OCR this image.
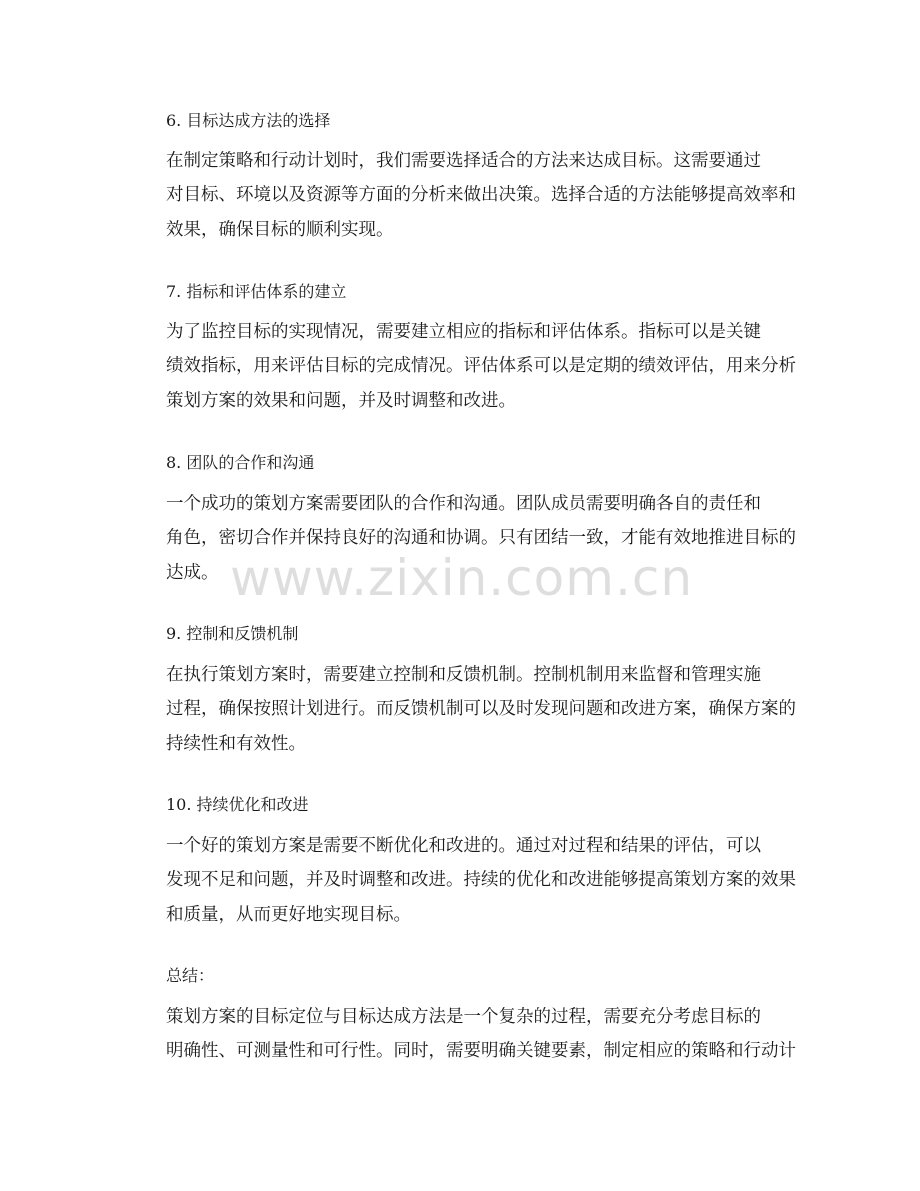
6. 目标达成方法的选择
在制定策略和行动计划时，我们需要选择适合的方法来达成目标。这需要通过
对目标、环境以及资源等方面的分析来做出决策。选择合适的方法能够提高效率和
效果，确保目标的顺利实现。
7. 指标和评估体系的建立
为了监控目标的实现情况，需要建立相应的指标和评估体系。指标可以是关键
绩效指标，用来评估目标的完成情况。评估体系可以是定期的绩效评估，用来分析
策划方案的效果和问题，并及时调整和改进。
8. 团队的合作和沟通
一个成功的策划方案需要团队的合作和沟通。团队成员需要明确各自的责任和
角色，密切合作并保持良好的沟通和协调。只有团结一致，才能有效地推进目标的
达成。
9. 控制和反馈机制
在执行策划方案时，需要建立控制和反馈机制。控制机制用来监督和管理实施
过程，确保按照计划进行。而反馈机制可以及时发现问题和改进方案，确保方案的
持续性和有效性。
10. 持续优化和改进
一个好的策划方案是需要不断优化和改进的。通过对过程和结果的评估，可以
发现不足和问题，并及时调整和改进。持续的优化和改进能够提高策划方案的效果
和质量，从而更好地实现目标。
总结：
策划方案的目标定位与目标达成方法是一个复杂的过程，需要充分考虑目标的
明确性、可测量性和可行性。同时，需要明确关键要素，制定相应的策略和行动计
www.zixin.com.cn
